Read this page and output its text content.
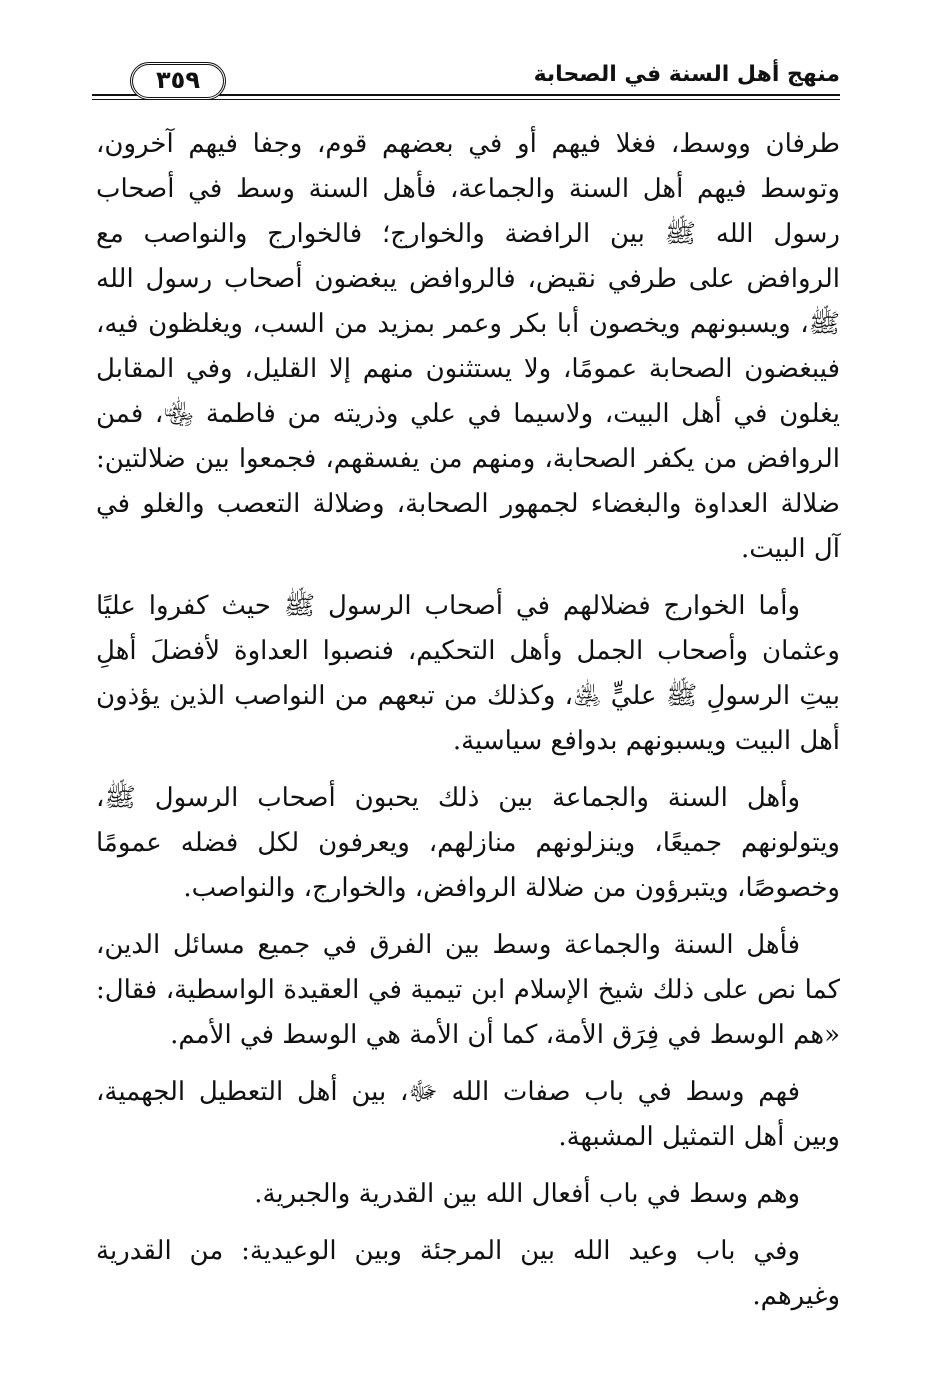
٣٥٩	منهج أهل السنة في الصحابة

طرفان ووسط، فغلا فيهم أو في بعضهم قوم، وجفا فيهم آخرون، وتوسط فيهم أهل السنة والجماعة، فأهل السنة وسط في أصحاب رسول الله ﷺ بين الرافضة والخوارج؛ فالخوارج والنواصب مع الروافض على طرفي نقيض، فالروافض يبغضون أصحاب رسول الله ﷺ، ويسبونهم ويخصون أبا بكر وعمر بمزيد من السب، ويغلظون فيه، فيبغضون الصحابة عمومًا، ولا يستثنون منهم إلا القليل، وفي المقابل يغلون في أهل البيت، ولاسيما في علي وذريته من فاطمة ﵄، فمن الروافض من يكفر الصحابة، ومنهم من يفسقهم، فجمعوا بين ضلالتين: ضلالة العداوة والبغضاء لجمهور الصحابة، وضلالة التعصب والغلو في آل البيت.

وأما الخوارج فضلالهم في أصحاب الرسول ﷺ حيث كفروا عليًا وعثمان وأصحاب الجمل وأهل التحكيم، فنصبوا العداوة لأفضلَ أهلِ بيتِ الرسولِ ﷺ عليٍّ ﵁، وكذلك من تبعهم من النواصب الذين يؤذون أهل البيت ويسبونهم بدوافع سياسية.

وأهل السنة والجماعة بين ذلك يحبون أصحاب الرسول ﷺ، ويتولونهم جميعًا، وينزلونهم منازلهم، ويعرفون لكل فضله عمومًا وخصوصًا، ويتبرؤون من ضلالة الروافض، والخوارج، والنواصب.

فأهل السنة والجماعة وسط بين الفرق في جميع مسائل الدين، كما نص على ذلك شيخ الإسلام ابن تيمية في العقيدة الواسطية، فقال: «هم الوسط في فِرَق الأمة، كما أن الأمة هي الوسط في الأمم.

فهم وسط في باب صفات الله ﷻ، بين أهل التعطيل الجهمية، وبين أهل التمثيل المشبهة.

وهم وسط في باب أفعال الله بين القدرية والجبرية.

وفي باب وعيد الله بين المرجئة وبين الوعيدية: من القدرية وغيرهم.
